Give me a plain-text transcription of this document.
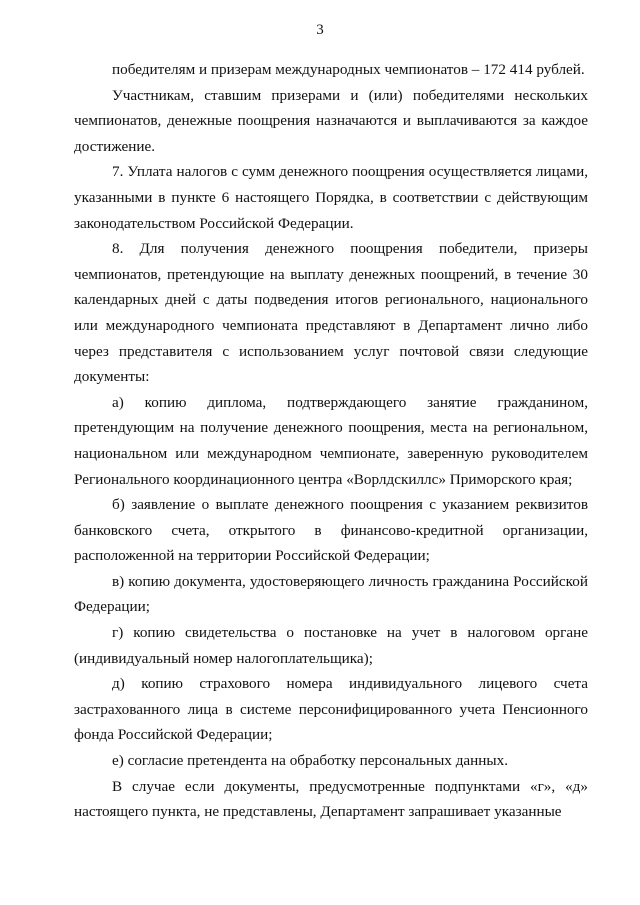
3

победителям и призерам международных чемпионатов – 172 414 рублей.

Участникам, ставшим призерами и (или) победителями нескольких чемпионатов, денежные поощрения назначаются и выплачиваются за каждое достижение.

7. Уплата налогов с сумм денежного поощрения осуществляется лицами, указанными в пункте 6 настоящего Порядка, в соответствии с действующим законодательством Российской Федерации.

8. Для получения денежного поощрения победители, призеры чемпионатов, претендующие на выплату денежных поощрений, в течение 30 календарных дней с даты подведения итогов регионального, национального или международного чемпионата представляют в Департамент лично либо через представителя с использованием услуг почтовой связи следующие документы:

а) копию диплома, подтверждающего занятие гражданином, претендующим на получение денежного поощрения, места на региональном, национальном или международном чемпионате, заверенную руководителем Регионального координационного центра «Ворлдскиллс» Приморского края;

б) заявление о выплате денежного поощрения с указанием реквизитов банковского счета, открытого в финансово-кредитной организации, расположенной на территории Российской Федерации;

в) копию документа, удостоверяющего личность гражданина Российской Федерации;

г) копию свидетельства о постановке на учет в налоговом органе (индивидуальный номер налогоплательщика);

д) копию страхового номера индивидуального лицевого счета застрахованного лица в системе персонифицированного учета Пенсионного фонда Российской Федерации;

е) согласие претендента на обработку персональных данных.

В случае если документы, предусмотренные подпунктами «г», «д» настоящего пункта, не представлены, Департамент запрашивает указанные
